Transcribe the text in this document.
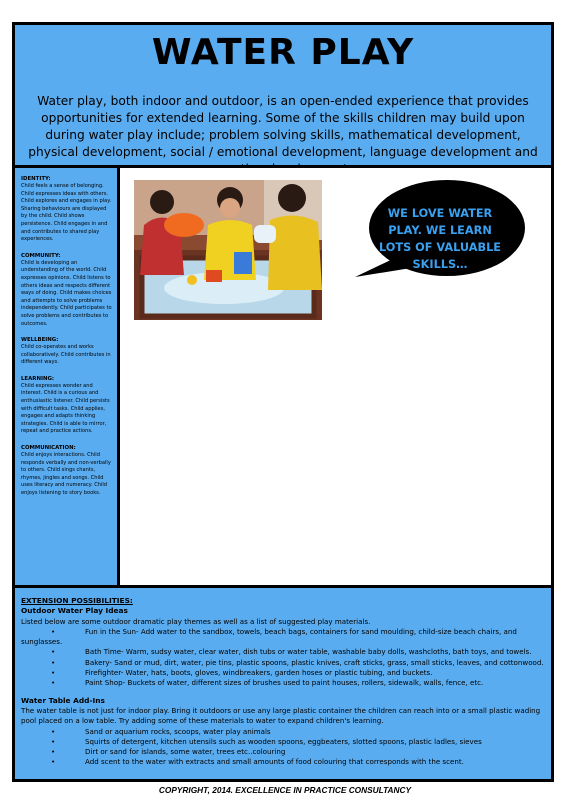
WATER PLAY
Water play, both indoor and outdoor, is an open-ended experience that provides opportunities for extended learning. Some of the skills children may build upon during water play include; problem solving skills, mathematical development, physical development, social / emotional development, language development and
IDENTITY:
Child feels a sense of belonging. Child expresses ideas with others. Child explores and engages in play. Sharing behaviours are displayed by the child. Child shows persistence. Child engages in and and contributes to shared play experiences.
COMMUNITY:
Child is developing an understanding of the world. Child expresses opinions. Child listens to others ideas and respects different ways of doing. Child makes choices and attempts to solve problems independently. Child participates to solve problems and contributes to outcomes.
WELLBEING:
Child co-operates and works collaboratively. Child contributes in different ways.
LEARNING:
Child expresses wonder and interest. Child is a curious and enthusiastic listener. Child persists with difficult tasks. Child applies, engages and adapts thinking strategies. Child is able to mirror, repeat and practice actions.
COMMUNICATION:
Child enjoys interactions. Child responds verbally and non-verbally to others. Child sings chants, rhymes, jingles and songs. Child uses literacy and numeracy. Child enjoys listening to story books.
WE LOVE WATER PLAY. WE LEARN LOTS OF VALUABLE SKILLS…
EXTENSION POSSIBILITIES:
Outdoor Water Play Ideas
Listed below are some outdoor dramatic play themes as well as a list of suggested play materials.
•	Fun in the Sun- Add water to the sandbox, towels, beach bags, containers for sand moulding, child-size beach chairs, and sunglasses.
•	Bath Time- Warm, sudsy water, clear water, dish tubs or water table, washable baby dolls, washcloths, bath toys, and towels.
•	Bakery- Sand or mud, dirt, water, pie tins, plastic spoons, plastic knives, craft sticks, grass, small sticks, leaves, and cottonwood.
•	Firefighter- Water, hats, boots, gloves, windbreakers, garden hoses or plastic tubing, and buckets.
•	Paint Shop- Buckets of water, different sizes of brushes used to paint houses, rollers, sidewalk, walls, fence, etc.
Water Table Add-Ins
The water table is not just for indoor play. Bring it outdoors or use any large plastic container the children can reach into or a small plastic wading pool placed on a low table. Try adding some of these materials to water to expand children's learning.
•	Sand or aquarium rocks, scoops, water play animals
•	Squirts of detergent, kitchen utensils such as wooden spoons, eggbeaters, slotted spoons, plastic ladles, sieves
•	Dirt or sand for islands, some water, trees etc..colouring
•	Add scent to the water with extracts and small amounts of food colouring that corresponds with the scent.
COPYRIGHT, 2014. EXCELLENCE IN PRACTICE CONSULTANCY
